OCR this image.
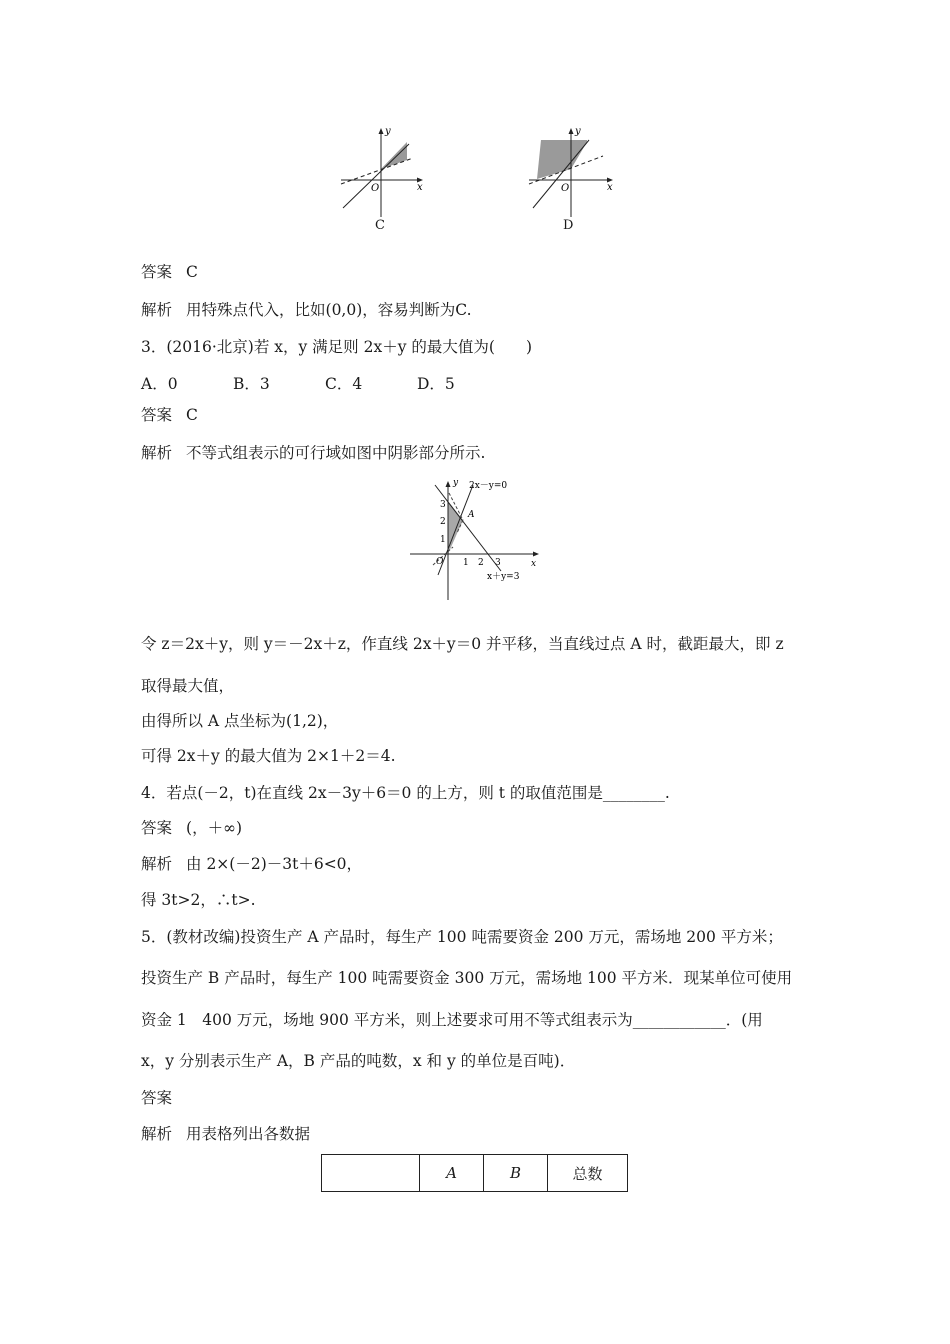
y
x
O
C
y
x
O
D
答案 C
解析 用特殊点代入，比如(0,0)，容易判断为C.
3．(2016·北京)若 x，y 满足则 2x＋y 的最大值为(　　)
A．0	B．3	C．4	D．5
答案 C
解析 不等式组表示的可行域如图中阴影部分所示.
y
x
O
2x－y=0
x＋y=3
A
1 2 3
1
2
3
令 z＝2x＋y，则 y＝－2x＋z，作直线 2x＋y＝0 并平移，当直线过点 A 时，截距最大，即 z
取得最大值，
由得所以 A 点坐标为(1,2)，
可得 2x＋y 的最大值为 2×1＋2＝4.
4．若点(－2，t)在直线 2x－3y＋6＝0 的上方，则 t 的取值范围是________.
答案 (，＋∞)
解析 由 2×(－2)－3t＋6<0，
得 3t>2，∴t>.
5．(教材改编)投资生产 A 产品时，每生产 100 吨需要资金 200 万元，需场地 200 平方米；
投资生产 B 产品时，每生产 100 吨需要资金 300 万元，需场地 100 平方米．现某单位可使用
资金 1　400 万元，场地 900 平方米，则上述要求可用不等式组表示为____________．(用
x，y 分别表示生产 A，B 产品的吨数，x 和 y 的单位是百吨)．
答案
解析 用表格列出各数据
	A	B	总数
